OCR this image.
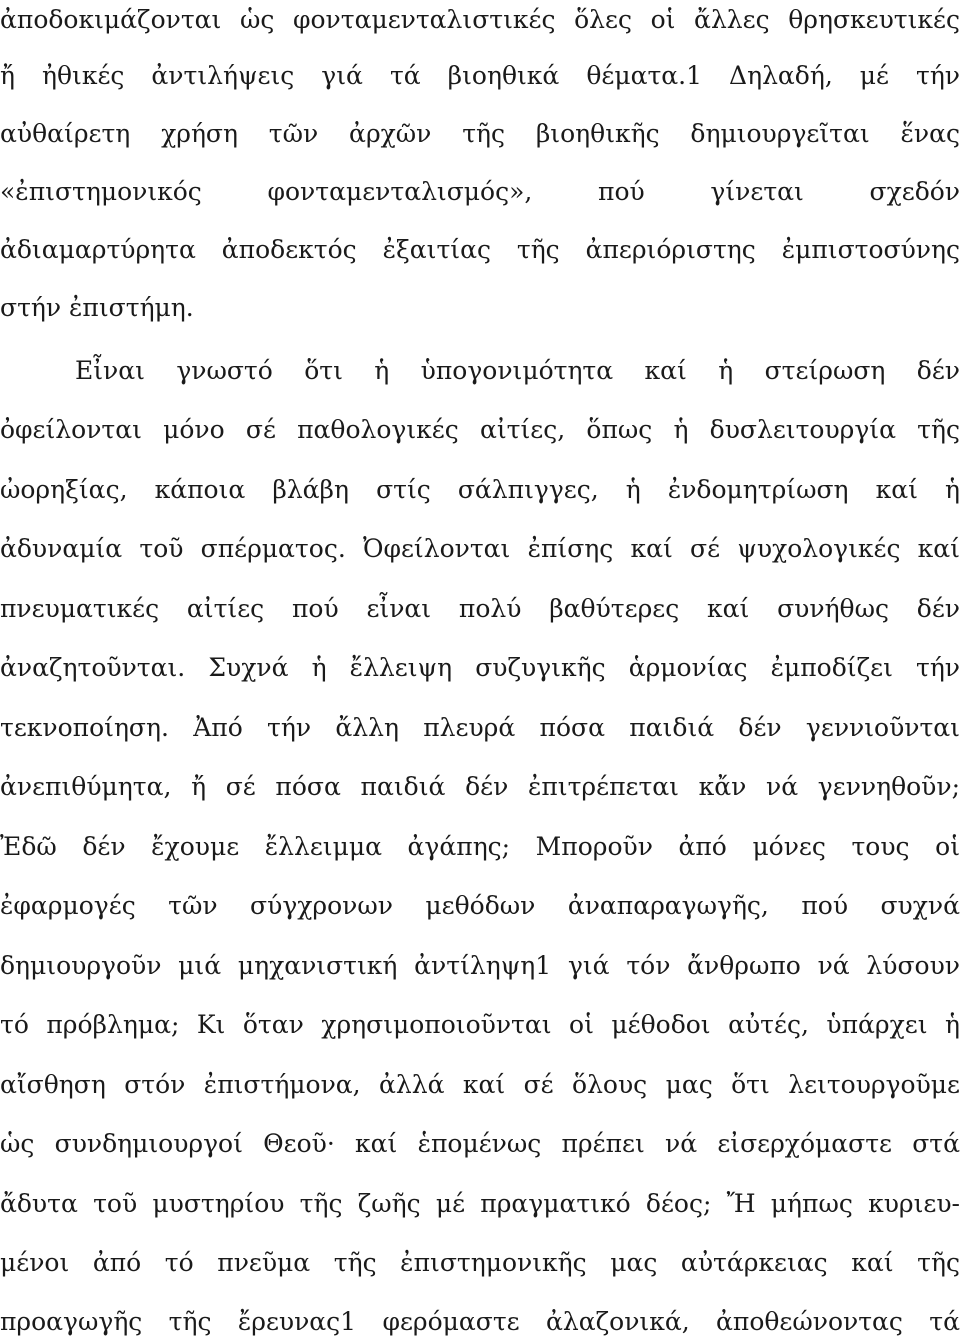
ἀποδοκιμάζονται ὡς φονταμενταλιστικές ὅλες οἱ ἄλλες θρησκευτικές
ἤ ἠθικές ἀντιλήψεις γιά τά βιοηθικά θέματα.1 Δηλαδή, μέ τήν
αὐθαίρετη χρήση τῶν ἀρχῶν τῆς βιοηθικῆς δημιουργεῖται ἕνας
«ἐπιστημονικός φονταμενταλισμός», πού γίνεται σχεδόν
ἀδιαμαρτύρητα ἀποδεκτός ἐξαιτίας τῆς ἀπεριόριστης ἐμπιστοσύνης
στήν ἐπιστήμη.
Εἶναι γνωστό ὅτι ἡ ὑπογονιμότητα καί ἡ στείρωση δέν
ὀφείλονται μόνο σέ παθολογικές αἰτίες, ὅπως ἡ δυσλειτουργία τῆς
ὠορηξίας, κάποια βλάβη στίς σάλπιγγες, ἡ ἐνδομητρίωση καί ἡ
ἀδυναμία τοῦ σπέρματος. Ὀφείλονται ἐπίσης καί σέ ψυχολογικές καί
πνευματικές αἰτίες πού εἶναι πολύ βαθύτερες καί συνήθως δέν
ἀναζητοῦνται. Συχνά ἡ ἔλλειψη συζυγικῆς ἁρμονίας ἐμποδίζει τήν
τεκνοποίηση. Ἀπό τήν ἄλλη πλευρά πόσα παιδιά δέν γεννιοῦνται
ἀνεπιθύμητα, ἤ σέ πόσα παιδιά δέν ἐπιτρέπεται κἄν νά γεννηθοῦν;
Ἐδῶ δέν ἔχουμε ἔλλειμμα ἀγάπης; Μποροῦν ἀπό μόνες τους οἱ
ἐφαρμογές τῶν σύγχρονων μεθόδων ἀναπαραγωγῆς, πού συχνά
δημιουργοῦν μιά μηχανιστική ἀντίληψη1 γιά τόν ἄνθρωπο νά λύσουν
τό πρόβλημα; Κι ὅταν χρησιμοποιοῦνται οἱ μέθοδοι αὐτές, ὑπάρχει ἡ
αἴσθηση στόν ἐπιστήμονα, ἀλλά καί σέ ὅλους μας ὅτι λειτουργοῦμε
ὡς συνδημιουργοί Θεοῦ· καί ἑπομένως πρέπει νά εἰσερχόμαστε στά
ἄδυτα τοῦ μυστηρίου τῆς ζωῆς μέ πραγματικό δέος; Ἤ μήπως κυριευ-
μένοι ἀπό τό πνεῦμα τῆς ἐπιστημονικῆς μας αὐτάρκειας καί τῆς
προαγωγῆς τῆς ἔρευνας1 φερόμαστε ἀλαζονικά, ἀποθεώνοντας τά
